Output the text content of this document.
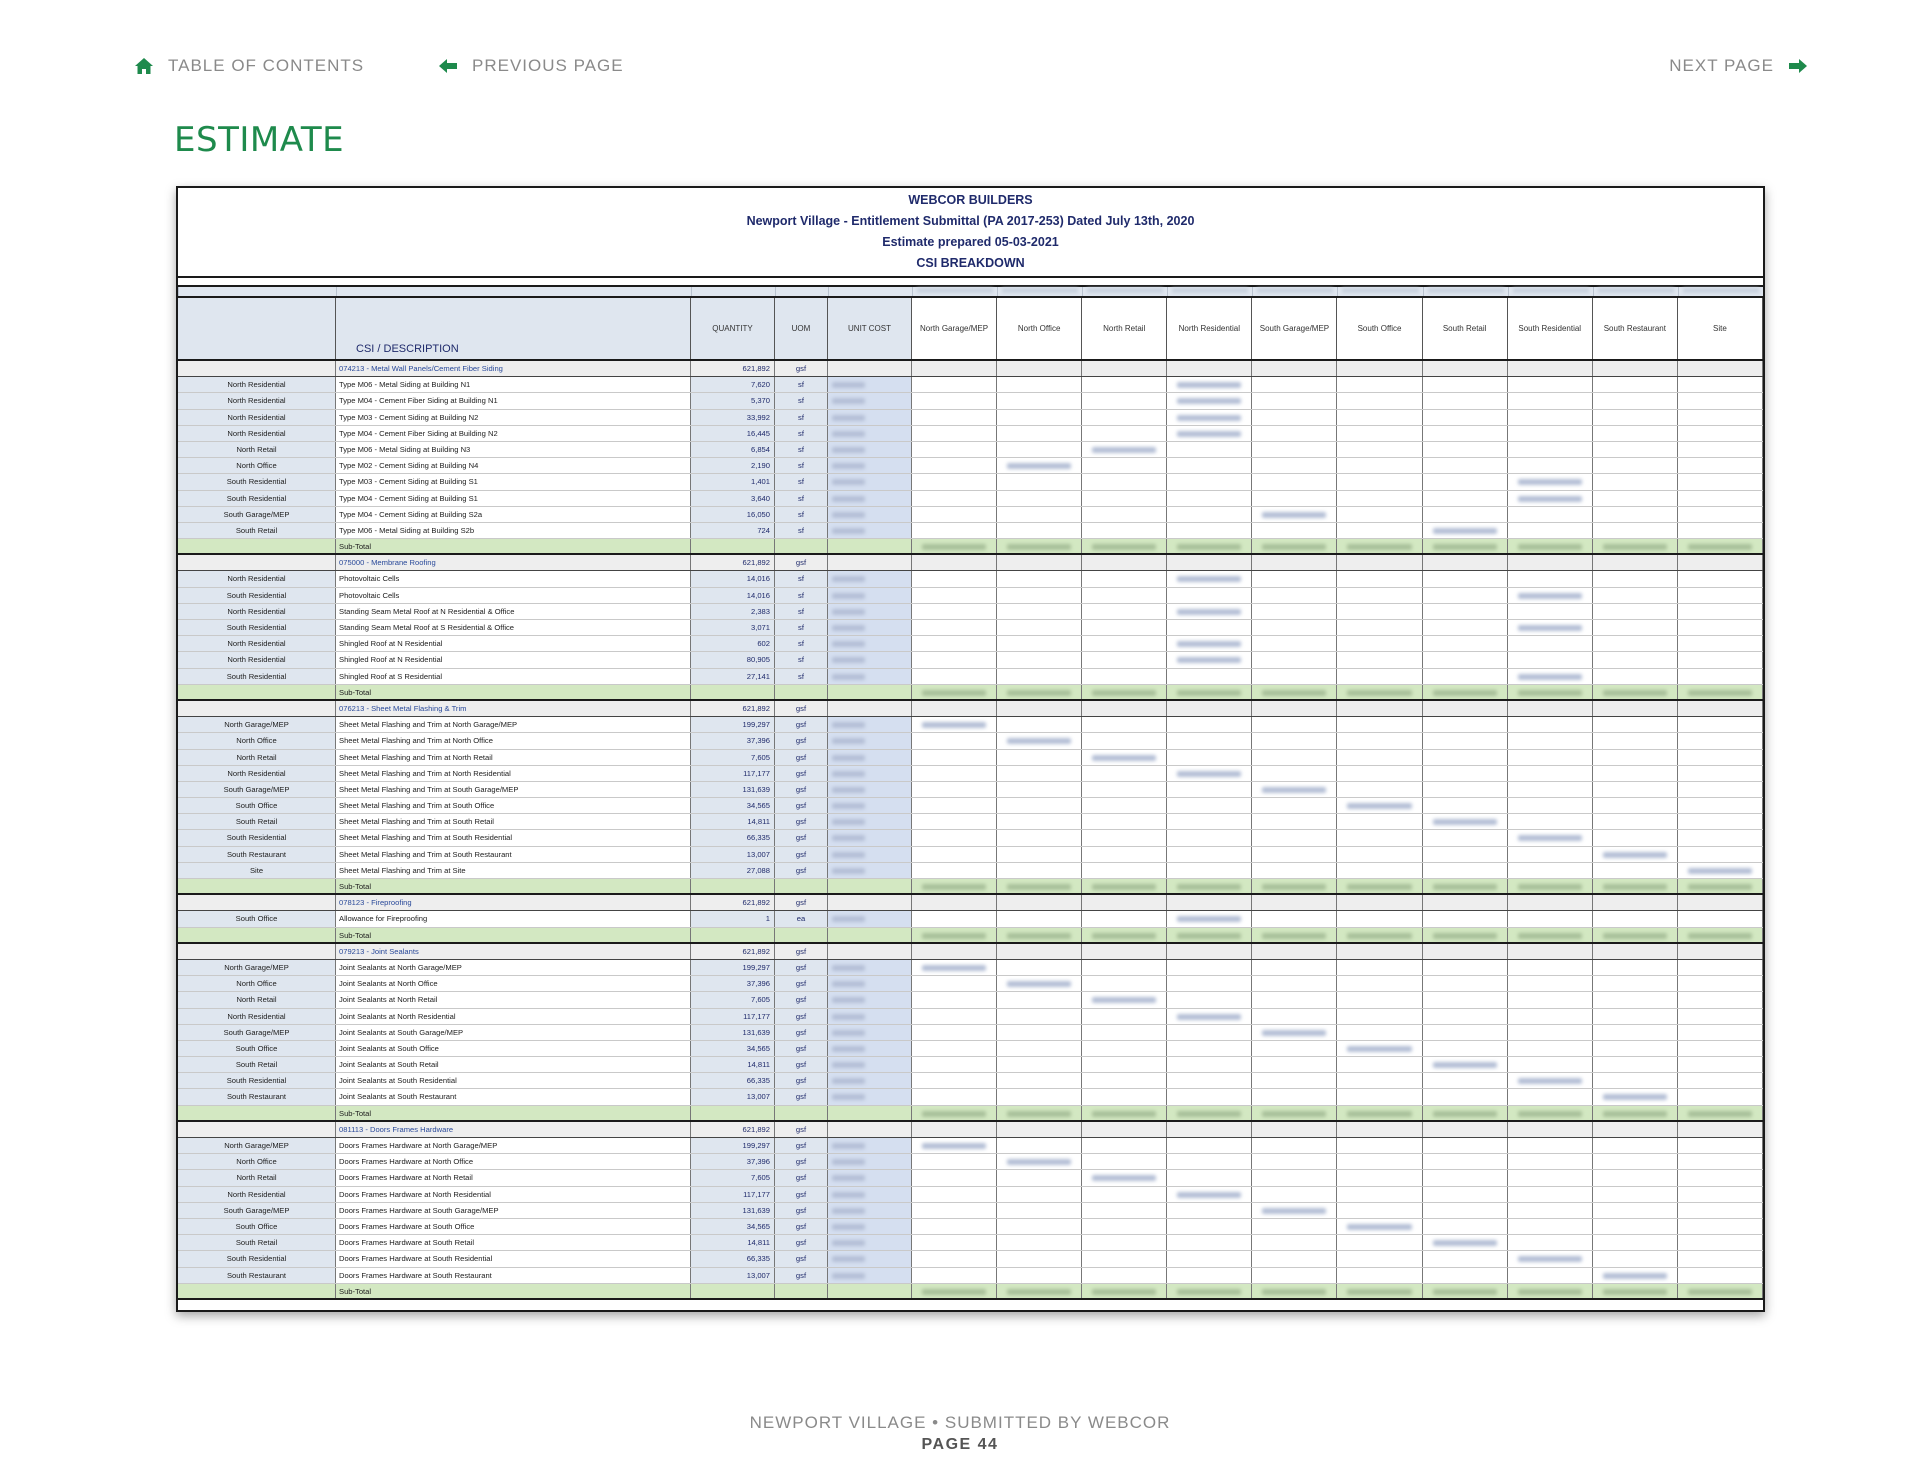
TABLE OF CONTENTS	PREVIOUS PAGE	NEXT PAGE
ESTIMATE
WEBCOR BUILDERS
Newport Village - Entitlement Submittal (PA 2017-253) Dated July 13th, 2020
Estimate prepared 05-03-2021
CSI BREAKDOWN
CSI / DESCRIPTION
QUANTITY	UOM	UNIT COST	North Garage/MEP	North Office	North Retail	North Residential	South Garage/MEP	South Office	South Retail	South Residential	South Restaurant	Site
074213 - Metal Wall Panels/Cement Fiber Siding	621,892	gsf
North Residential	Type M06 - Metal Siding at Building N1	7,620	sf
North Residential	Type M04 - Cement Fiber Siding at Building N1	5,370	sf
North Residential	Type M03 - Cement Siding at Building N2	33,992	sf
North Residential	Type M04 - Cement Fiber Siding at Building N2	16,445	sf
North Retail	Type M06 - Metal Siding at Building N3	6,854	sf
North Office	Type M02 - Cement Siding at Building N4	2,190	sf
South Residential	Type M03 - Cement Siding at Building S1	1,401	sf
South Residential	Type M04 - Cement Siding at Building S1	3,640	sf
South Garage/MEP	Type M04 - Cement Siding at Building S2a	16,050	sf
South Retail	Type M06 - Metal Siding at Building S2b	724	sf
Sub-Total
075000 - Membrane Roofing	621,892	gsf
North Residential	Photovoltaic Cells	14,016	sf
South Residential	Photovoltaic Cells	14,016	sf
North Residential	Standing Seam Metal Roof at N Residential & Office	2,383	sf
South Residential	Standing Seam Metal Roof at S Residential & Office	3,071	sf
North Residential	Shingled Roof at N Residential	602	sf
North Residential	Shingled Roof at N Residential	80,905	sf
South Residential	Shingled Roof at S Residential	27,141	sf
Sub-Total
076213 - Sheet Metal Flashing & Trim	621,892	gsf
North Garage/MEP	Sheet Metal Flashing and Trim at North Garage/MEP	199,297	gsf
North Office	Sheet Metal Flashing and Trim at North Office	37,396	gsf
North Retail	Sheet Metal Flashing and Trim at North Retail	7,605	gsf
North Residential	Sheet Metal Flashing and Trim at North Residential	117,177	gsf
South Garage/MEP	Sheet Metal Flashing and Trim at South Garage/MEP	131,639	gsf
South Office	Sheet Metal Flashing and Trim at South Office	34,565	gsf
South Retail	Sheet Metal Flashing and Trim at South Retail	14,811	gsf
South Residential	Sheet Metal Flashing and Trim at South Residential	66,335	gsf
South Restaurant	Sheet Metal Flashing and Trim at South Restaurant	13,007	gsf
Site	Sheet Metal Flashing and Trim at Site	27,088	gsf
Sub-Total
078123 - Fireproofing	621,892	gsf
South Office	Allowance for Fireproofing	1	ea
Sub-Total
079213 - Joint Sealants	621,892	gsf
North Garage/MEP	Joint Sealants at North Garage/MEP	199,297	gsf
North Office	Joint Sealants at North Office	37,396	gsf
North Retail	Joint Sealants at North Retail	7,605	gsf
North Residential	Joint Sealants at North Residential	117,177	gsf
South Garage/MEP	Joint Sealants at South Garage/MEP	131,639	gsf
South Office	Joint Sealants at South Office	34,565	gsf
South Retail	Joint Sealants at South Retail	14,811	gsf
South Residential	Joint Sealants at South Residential	66,335	gsf
South Restaurant	Joint Sealants at South Restaurant	13,007	gsf
Sub-Total
081113 - Doors Frames Hardware	621,892	gsf
North Garage/MEP	Doors Frames Hardware at North Garage/MEP	199,297	gsf
North Office	Doors Frames Hardware at North Office	37,396	gsf
North Retail	Doors Frames Hardware at North Retail	7,605	gsf
North Residential	Doors Frames Hardware at North Residential	117,177	gsf
South Garage/MEP	Doors Frames Hardware at South Garage/MEP	131,639	gsf
South Office	Doors Frames Hardware at South Office	34,565	gsf
South Retail	Doors Frames Hardware at South Retail	14,811	gsf
South Residential	Doors Frames Hardware at South Residential	66,335	gsf
South Restaurant	Doors Frames Hardware at South Restaurant	13,007	gsf
Sub-Total
NEWPORT VILLAGE • SUBMITTED BY WEBCOR
PAGE 44
